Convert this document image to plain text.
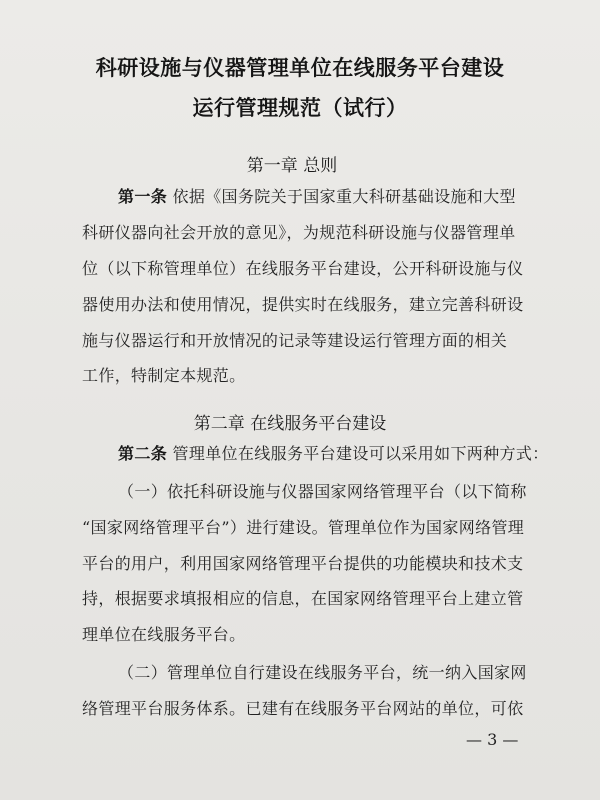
科研设施与仪器管理单位在线服务平台建设
运行管理规范（试行）
第一章 总则
第一条 依据《国务院关于国家重大科研基础设施和大型
科研仪器向社会开放的意见》，为规范科研设施与仪器管理单
位（以下称管理单位）在线服务平台建设，公开科研设施与仪
器使用办法和使用情况，提供实时在线服务，建立完善科研设
施与仪器运行和开放情况的记录等建设运行管理方面的相关
工作，特制定本规范。
第二章 在线服务平台建设
第二条 管理单位在线服务平台建设可以采用如下两种方式：
（一）依托科研设施与仪器国家网络管理平台（以下简称
“国家网络管理平台”）进行建设。管理单位作为国家网络管理
平台的用户，利用国家网络管理平台提供的功能模块和技术支
持，根据要求填报相应的信息，在国家网络管理平台上建立管
理单位在线服务平台。
（二）管理单位自行建设在线服务平台，统一纳入国家网
络管理平台服务体系。已建有在线服务平台网站的单位，可依
— 3 —
